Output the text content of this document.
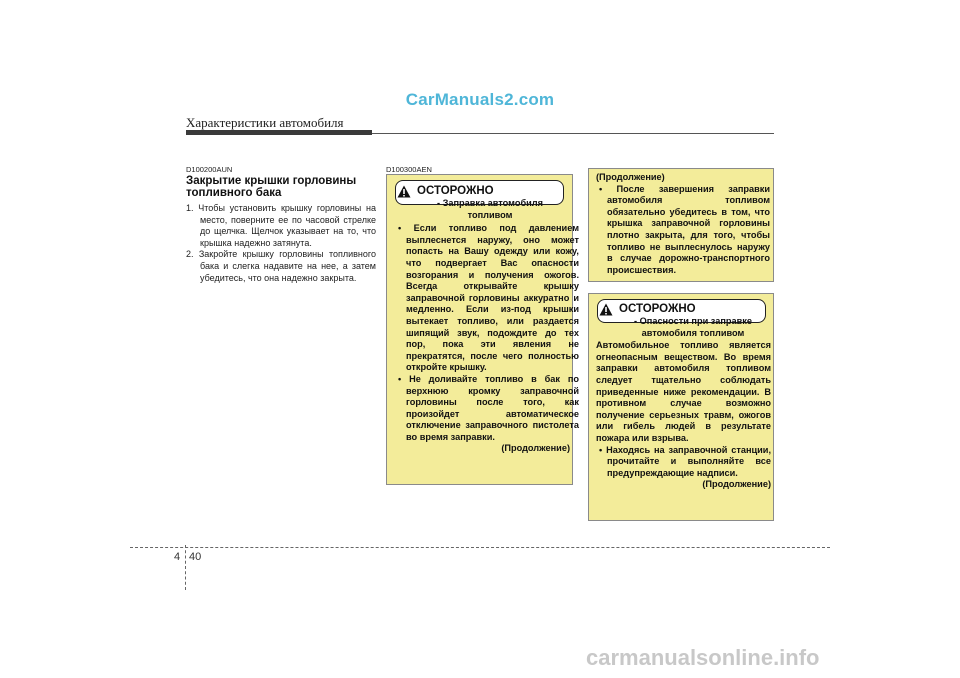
CarManuals2.com
Характеристики автомобиля
D100200AUN
Закрытие крышки горловины топливного бака
1. Чтобы установить крышку горловины на место, поверните ее по часовой стрелке до щелчка. Щелчок указывает на то, что крышка надежно затянута.
2. Закройте крышку горловины топливного бака и слегка надавите на нее, а затем убедитесь, что она надежно закрыта.
D100300AEN
ОСТОРОЖНО
- Заправка автомобиля топливом
• Если топливо под давлением выплеснется наружу, оно может попасть на Вашу одежду или кожу, что подвергает Вас опасности возгорания и получения ожогов. Всегда открывайте крышку заправочной горловины аккуратно и медленно. Если из-под крышки вытекает топливо, или раздается шипящий звук, подождите до тех пор, пока эти явления не прекратятся, после чего полностью откройте крышку.
• Не доливайте топливо в бак по верхнюю кромку заправочной горловины после того, как произойдет автоматическое отключение заправочного пистолета во время заправки.
(Продолжение)
(Продолжение)
• После завершения заправки автомобиля топливом обязательно убедитесь в том, что крышка заправочной горловины плотно закрыта, для того, чтобы топливо не выплеснулось наружу в случае дорожно-транспортного происшествия.
ОСТОРОЖНО
- Опасности при заправке автомобиля топливом
Автомобильное топливо является огнеопасным веществом. Во время заправки автомобиля топливом следует тщательно соблюдать приведенные ниже рекомендации. В противном случае возможно получение серьезных травм, ожогов или гибель людей в результате пожара или взрыва.
• Находясь на заправочной станции, прочитайте и выполняйте все предупреждающие надписи.
(Продолжение)
4 40
carmanualsonline.info
